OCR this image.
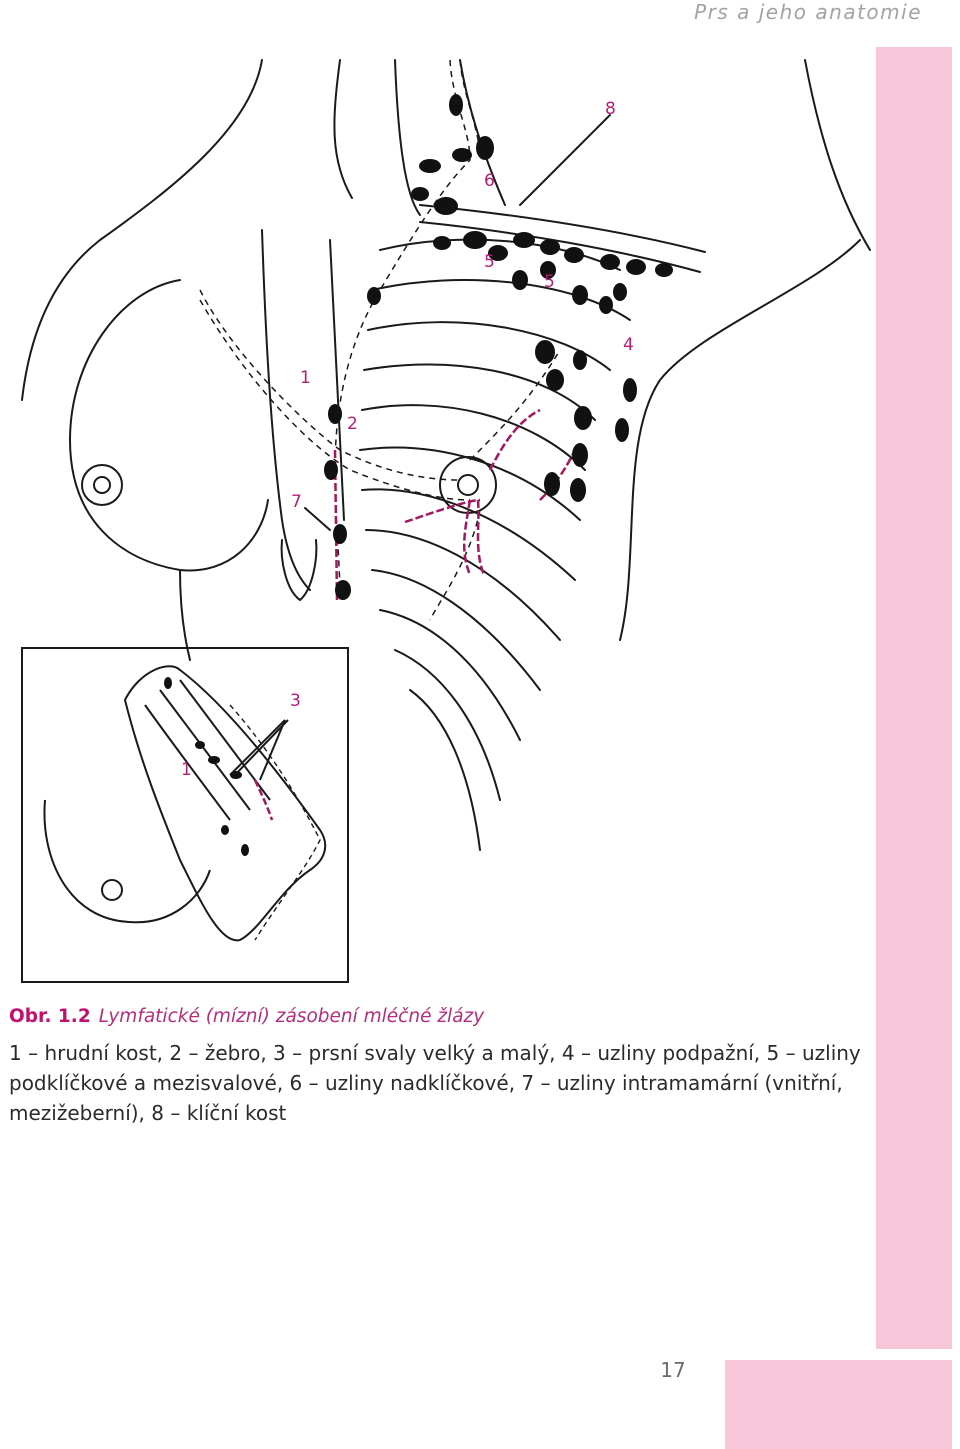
Prs a jeho anatomie
8
6
5
5
4
1
2
7
3
1
Obr. 1.2 Lymfatické (mízní) zásobení mléčné žlázy
1 – hrudní kost, 2 – žebro, 3 – prsní svaly velký a malý, 4 – uzliny podpažní, 5 – uzliny podklíčkové a mezisvalové, 6 – uzliny nadklíčkové, 7 – uzliny intramamární (vnitřní, mezižeberní), 8 – klíční kost
17
